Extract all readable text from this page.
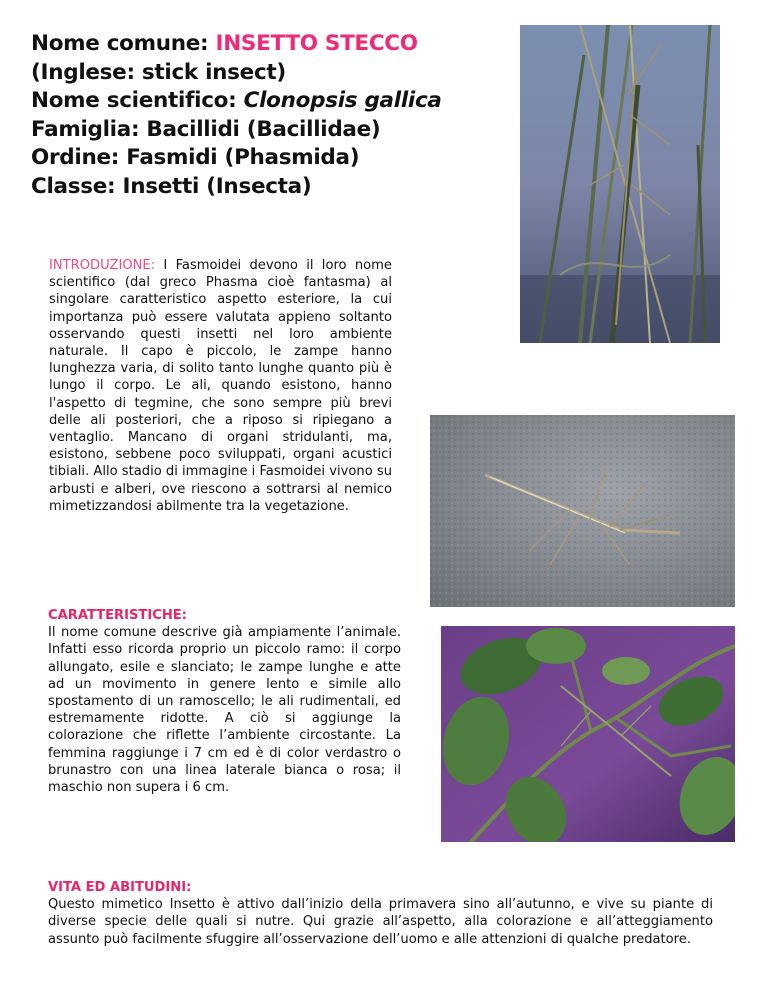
Nome comune: INSETTO STECCO
(Inglese: stick insect)
Nome scientifico: Clonopsis gallica
Famiglia: Bacillidi (Bacillidae)
Ordine: Fasmidi (Phasmida)
Classe: Insetti (Insecta)

INTRODUZIONE: I Fasmoidei devono il loro nome scientifico (dal greco Phasma cioè fantasma) al singolare caratteristico aspetto esteriore, la cui importanza può essere valutata appieno soltanto osservando questi insetti nel loro ambiente naturale. Il capo è piccolo, le zampe hanno lunghezza varia, di solito tanto lunghe quanto più è lungo il corpo. Le ali, quando esistono, hanno l'aspetto di tegmine, che sono sempre più brevi delle ali posteriori, che a riposo si ripiegano a ventaglio. Mancano di organi stridulanti, ma, esistono, sebbene poco sviluppati, organi acustici tibiali. Allo stadio di immagine i Fasmoidei vivono su arbusti e alberi, ove riescono a sottrarsi al nemico mimetizzandosi abilmente tra la vegetazione.

CARATTERISTICHE:

Il nome comune descrive già ampiamente l’animale. Infatti esso ricorda proprio un piccolo ramo: il corpo allungato, esile e slanciato; le zampe lunghe e atte ad un movimento in genere lento e simile allo spostamento di un ramoscello; le ali rudimentali, ed estremamente ridotte. A ciò si aggiunge la colorazione che riflette l’ambiente circostante. La femmina raggiunge i 7 cm ed è di color verdastro o brunastro con una linea laterale bianca o rosa; il maschio non supera i 6 cm.

VITA ED ABITUDINI:

Questo mimetico Insetto è attivo dall’inizio della primavera sino all’autunno, e vive su piante di diverse specie delle quali si nutre. Qui grazie all’aspetto, alla colorazione e all’atteggiamento assunto può facilmente sfuggire all’osservazione dell’uomo e alle attenzioni di qualche predatore.
